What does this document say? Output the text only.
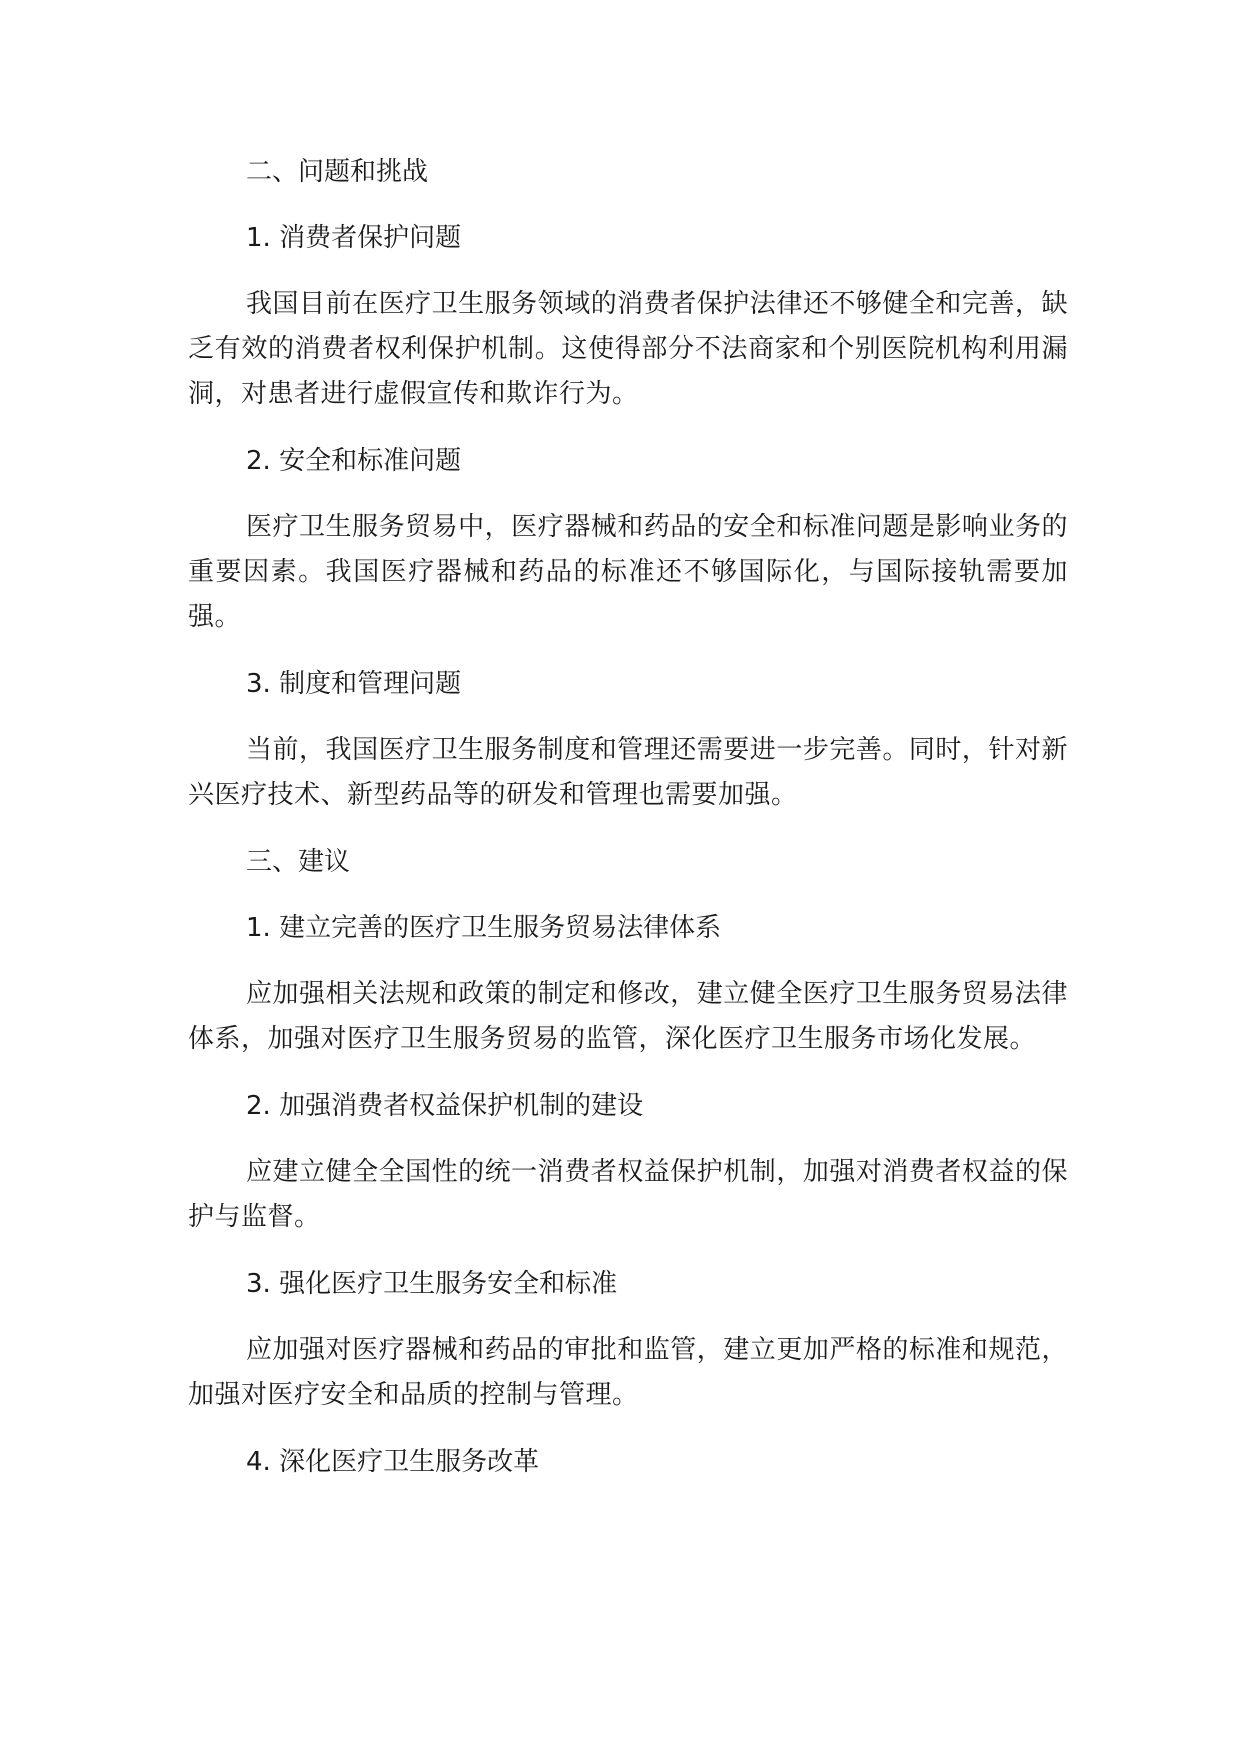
二、问题和挑战
1. 消费者保护问题
我国目前在医疗卫生服务领域的消费者保护法律还不够健全和完善，缺乏有效的消费者权利保护机制。这使得部分不法商家和个别医院机构利用漏洞，对患者进行虚假宣传和欺诈行为。
2. 安全和标准问题
医疗卫生服务贸易中，医疗器械和药品的安全和标准问题是影响业务的重要因素。我国医疗器械和药品的标准还不够国际化，与国际接轨需要加强。
3. 制度和管理问题
当前，我国医疗卫生服务制度和管理还需要进一步完善。同时，针对新兴医疗技术、新型药品等的研发和管理也需要加强。
三、建议
1. 建立完善的医疗卫生服务贸易法律体系
应加强相关法规和政策的制定和修改，建立健全医疗卫生服务贸易法律体系，加强对医疗卫生服务贸易的监管，深化医疗卫生服务市场化发展。
2. 加强消费者权益保护机制的建设
应建立健全全国性的统一消费者权益保护机制，加强对消费者权益的保护与监督。
3. 强化医疗卫生服务安全和标准
应加强对医疗器械和药品的审批和监管，建立更加严格的标准和规范，加强对医疗安全和品质的控制与管理。
4. 深化医疗卫生服务改革
